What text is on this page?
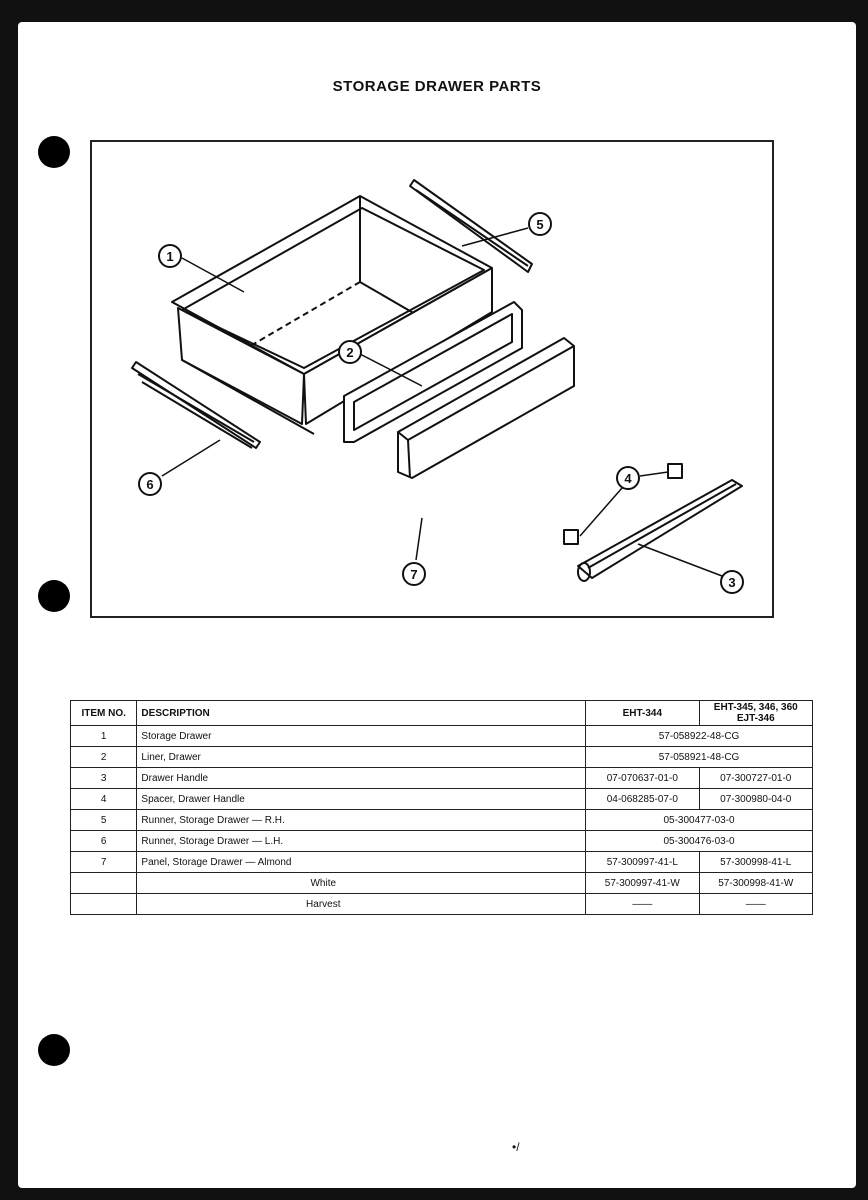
STORAGE DRAWER PARTS
1
2
3
4
5
6
7
ITEM NO.	DESCRIPTION	EHT-344	EHT-345, 346, 360 EJT-346
1	Storage Drawer	57-058922-48-CG	
2	Liner, Drawer	57-058921-48-CG	
3	Drawer Handle	07-070637-01-0	07-300727-01-0
4	Spacer, Drawer Handle	04-068285-07-0	07-300980-04-0
5	Runner, Storage Drawer — R.H.	05-300477-03-0	
6	Runner, Storage Drawer — L.H.	05-300476-03-0	
7	Panel, Storage Drawer — Almond	57-300997-41-L	57-300998-41-L
	White	57-300997-41-W	57-300998-41-W
	Harvest	——	——
•/
